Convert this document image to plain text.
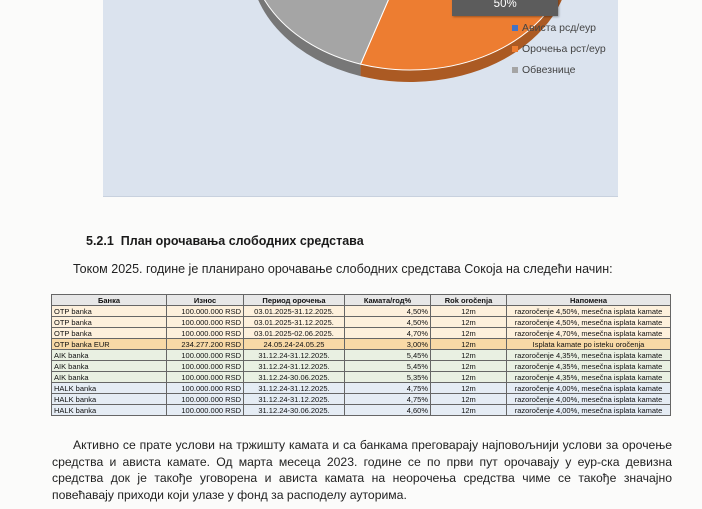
50%
Ависта рсд/еур
Орочења рст/еур
Обвезнице
5.2.1 План орочавања слободних средстава
Током 2025. године је планирано орочавање слободних средстава Сокоја на следећи начин:
Банка	Износ	Период орочења	Камата/год%	Rok oročenja	Напомена
OTP banka	100.000.000 RSD	03.01.2025-31.12.2025.	4,50%	12m	razoročenje 4,50%, mesečna isplata kamate
OTP banka	100.000.000 RSD	03.01.2025-31.12.2025.	4,50%	12m	razoročenje 4,50%, mesečna isplata kamate
OTP banka	100.000.000 RSD	03.01.2025-02.06.2025.	4,70%	12m	razoročenje 4,70%, mesečna isplata kamate
OTP banka EUR	234.277.200 RSD	24.05.24-24.05.25	3,00%	12m	Isplata kamate po isteku oročenja
AIK banka	100.000.000 RSD	31.12.24-31.12.2025.	5,45%	12m	razoročenje 4,35%, mesečna isplata kamate
AIK banka	100.000.000 RSD	31.12.24-31.12.2025.	5,45%	12m	razoročenje 4,35%, mesečna isplata kamate
AIK banka	100.000.000 RSD	31.12.24-30.06.2025.	5,35%	12m	razoročenje 4,35%, mesečna isplata kamate
HALK banka	100.000.000 RSD	31.12.24-31.12.2025.	4,75%	12m	razoročenje 4,00%, mesečna isplata kamate
HALK banka	100.000.000 RSD	31.12.24-31.12.2025.	4,75%	12m	razoročenje 4,00%, mesečna isplata kamate
HALK banka	100.000.000 RSD	31.12.24-30.06.2025.	4,60%	12m	razoročenje 4,00%, mesečna isplata kamate

Активно се прате услови на тржишту камата и са банкама преговарају најповољнији услови за орочење средства и ависта камате. Од марта месеца 2023. године се по први пут орочавају у еур-ска девизна средства док је такође уговорена и ависта камата на неорочења средства чиме се такође значајно повећавају приходи који улазе у фонд за расподелу ауторима.
